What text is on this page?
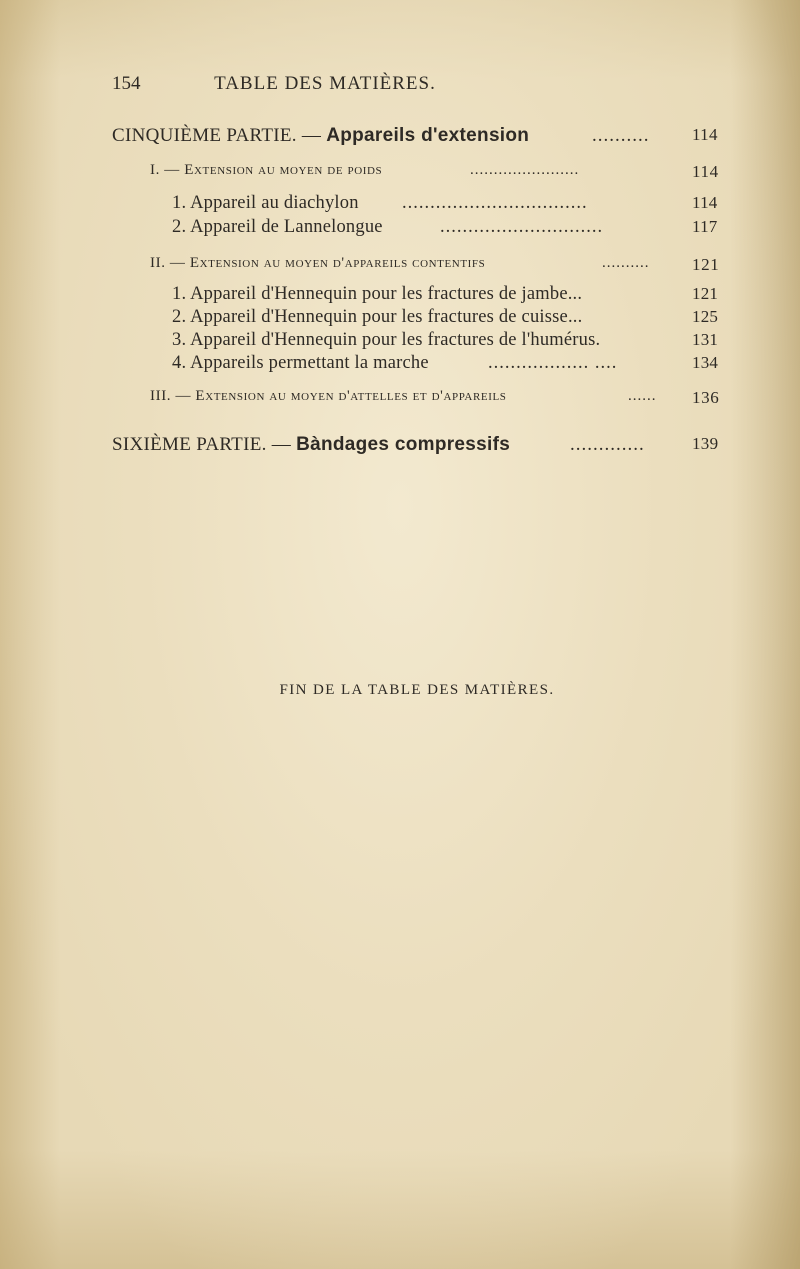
154	TABLE DES MATIÈRES.
CINQUIÈME PARTIE. — Appareils d'extension	..........	114
I. — Extension au moyen de poids	.......................	114
1. Appareil au diachylon .................................	114
2. Appareil de Lannelongue	.............................	117
II. — Extension au moyen d'appareils contentifs	..........	121
1. Appareil d'Hennequin pour les fractures de jambe...	121
2. Appareil d'Hennequin pour les fractures de cuisse...	125
3. Appareil d'Hennequin pour les fractures de l'humérus.	131
4. Appareils permettant la marche	.................. ....	134
III. — Extension au moyen d'attelles et d'appareils	......	136
SIXIÈME PARTIE. — Bàndages compressifs	.............	139
FIN DE LA TABLE DES MATIÈRES.
